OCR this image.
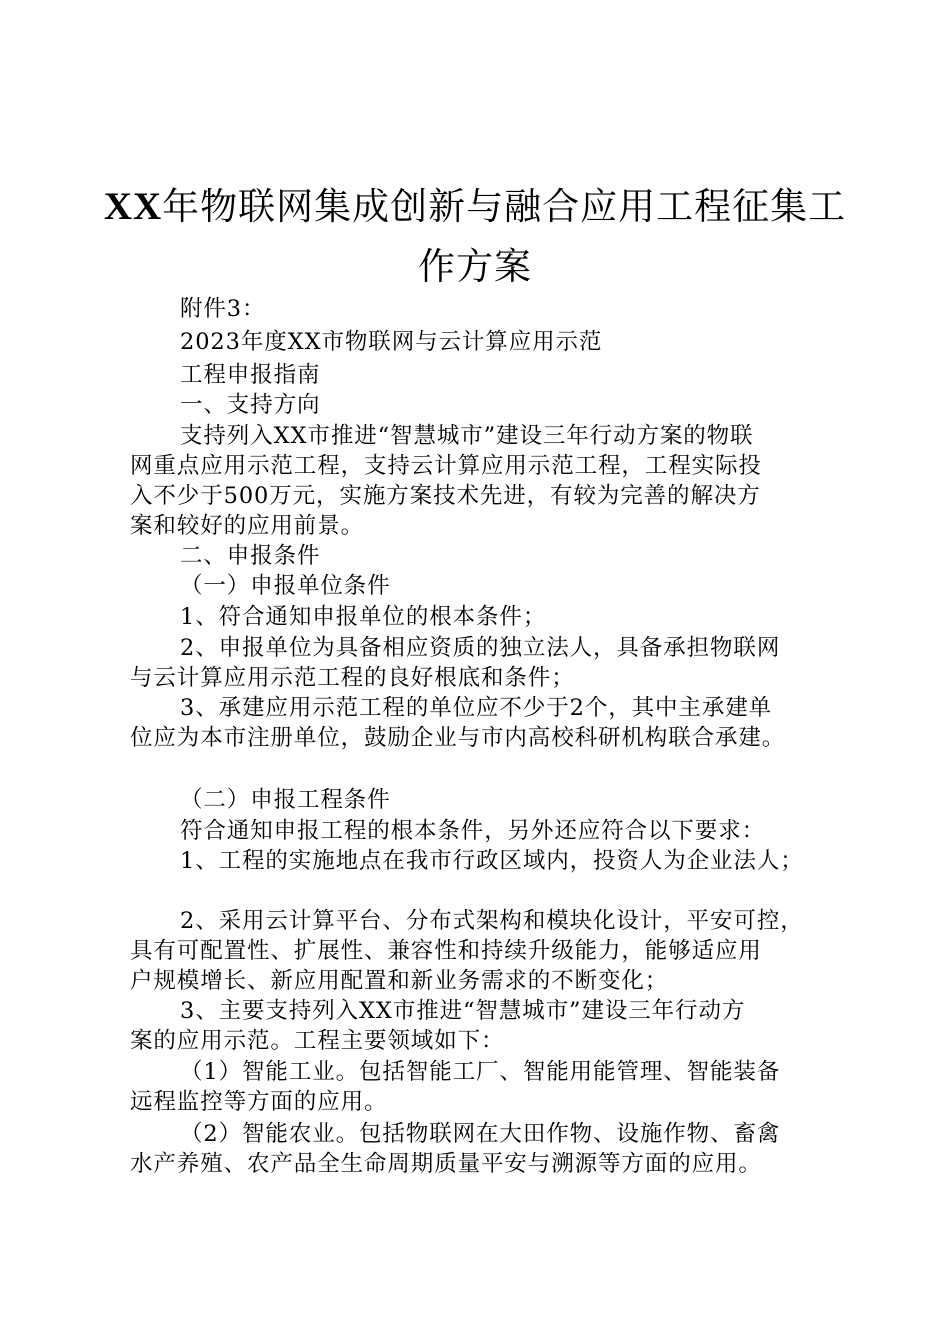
XX年物联网集成创新与融合应用工程征集工
作方案
附件3：
2023年度XX市物联网与云计算应用示范
工程申报指南
一、支持方向
支持列入XX市推进“智慧城市”建设三年行动方案的物联
网重点应用示范工程，支持云计算应用示范工程，工程实际投
入不少于500万元，实施方案技术先进，有较为完善的解决方
案和较好的应用前景。
二、申报条件
（一）申报单位条件
1、符合通知申报单位的根本条件；
2、申报单位为具备相应资质的独立法人，具备承担物联网
与云计算应用示范工程的良好根底和条件；
3、承建应用示范工程的单位应不少于2个，其中主承建单
位应为本市注册单位，鼓励企业与市内高校科研机构联合承建。
（二）申报工程条件
符合通知申报工程的根本条件，另外还应符合以下要求：
1、工程的实施地点在我市行政区域内，投资人为企业法人；
2、采用云计算平台、分布式架构和模块化设计，平安可控，
具有可配置性、扩展性、兼容性和持续升级能力，能够适应用
户规模增长、新应用配置和新业务需求的不断变化；
3、主要支持列入XX市推进“智慧城市”建设三年行动方
案的应用示范。工程主要领域如下：
（1）智能工业。包括智能工厂、智能用能管理、智能装备
远程监控等方面的应用。
（2）智能农业。包括物联网在大田作物、设施作物、畜禽
水产养殖、农产品全生命周期质量平安与溯源等方面的应用。
